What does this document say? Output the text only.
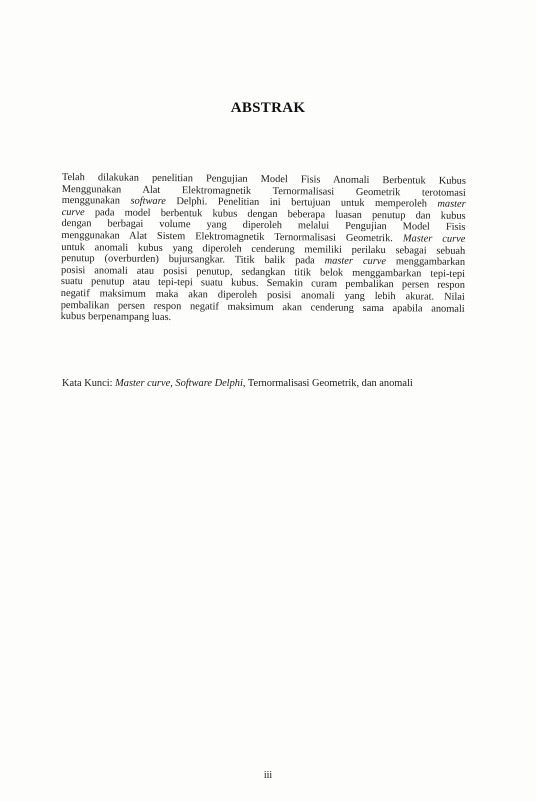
ABSTRAK
Telah dilakukan penelitian Pengujian Model Fisis Anomali Berbentuk Kubus
Menggunakan Alat Elektromagnetik Ternormalisasi Geometrik terotomasi
menggunakan software Delphi. Penelitian ini bertujuan untuk memperoleh master
curve pada model berbentuk kubus dengan beberapa luasan penutup dan kubus
dengan berbagai volume yang diperoleh melalui Pengujian Model Fisis
menggunakan Alat Sistem Elektromagnetik Ternormalisasi Geometrik. Master curve
untuk anomali kubus yang diperoleh cenderung memiliki perilaku sebagai sebuah
penutup (overburden) bujursangkar. Titik balik pada master curve menggambarkan
posisi anomali atau posisi penutup, sedangkan titik belok menggambarkan tepi-tepi
suatu penutup atau tepi-tepi suatu kubus. Semakin curam pembalikan persen respon
negatif maksimum maka akan diperoleh posisi anomali yang lebih akurat. Nilai
pembalikan persen respon negatif maksimum akan cenderung sama apabila anomali
kubus berpenampang luas.
Kata Kunci: Master curve, Software Delphi, Ternormalisasi Geometrik, dan anomali
iii
